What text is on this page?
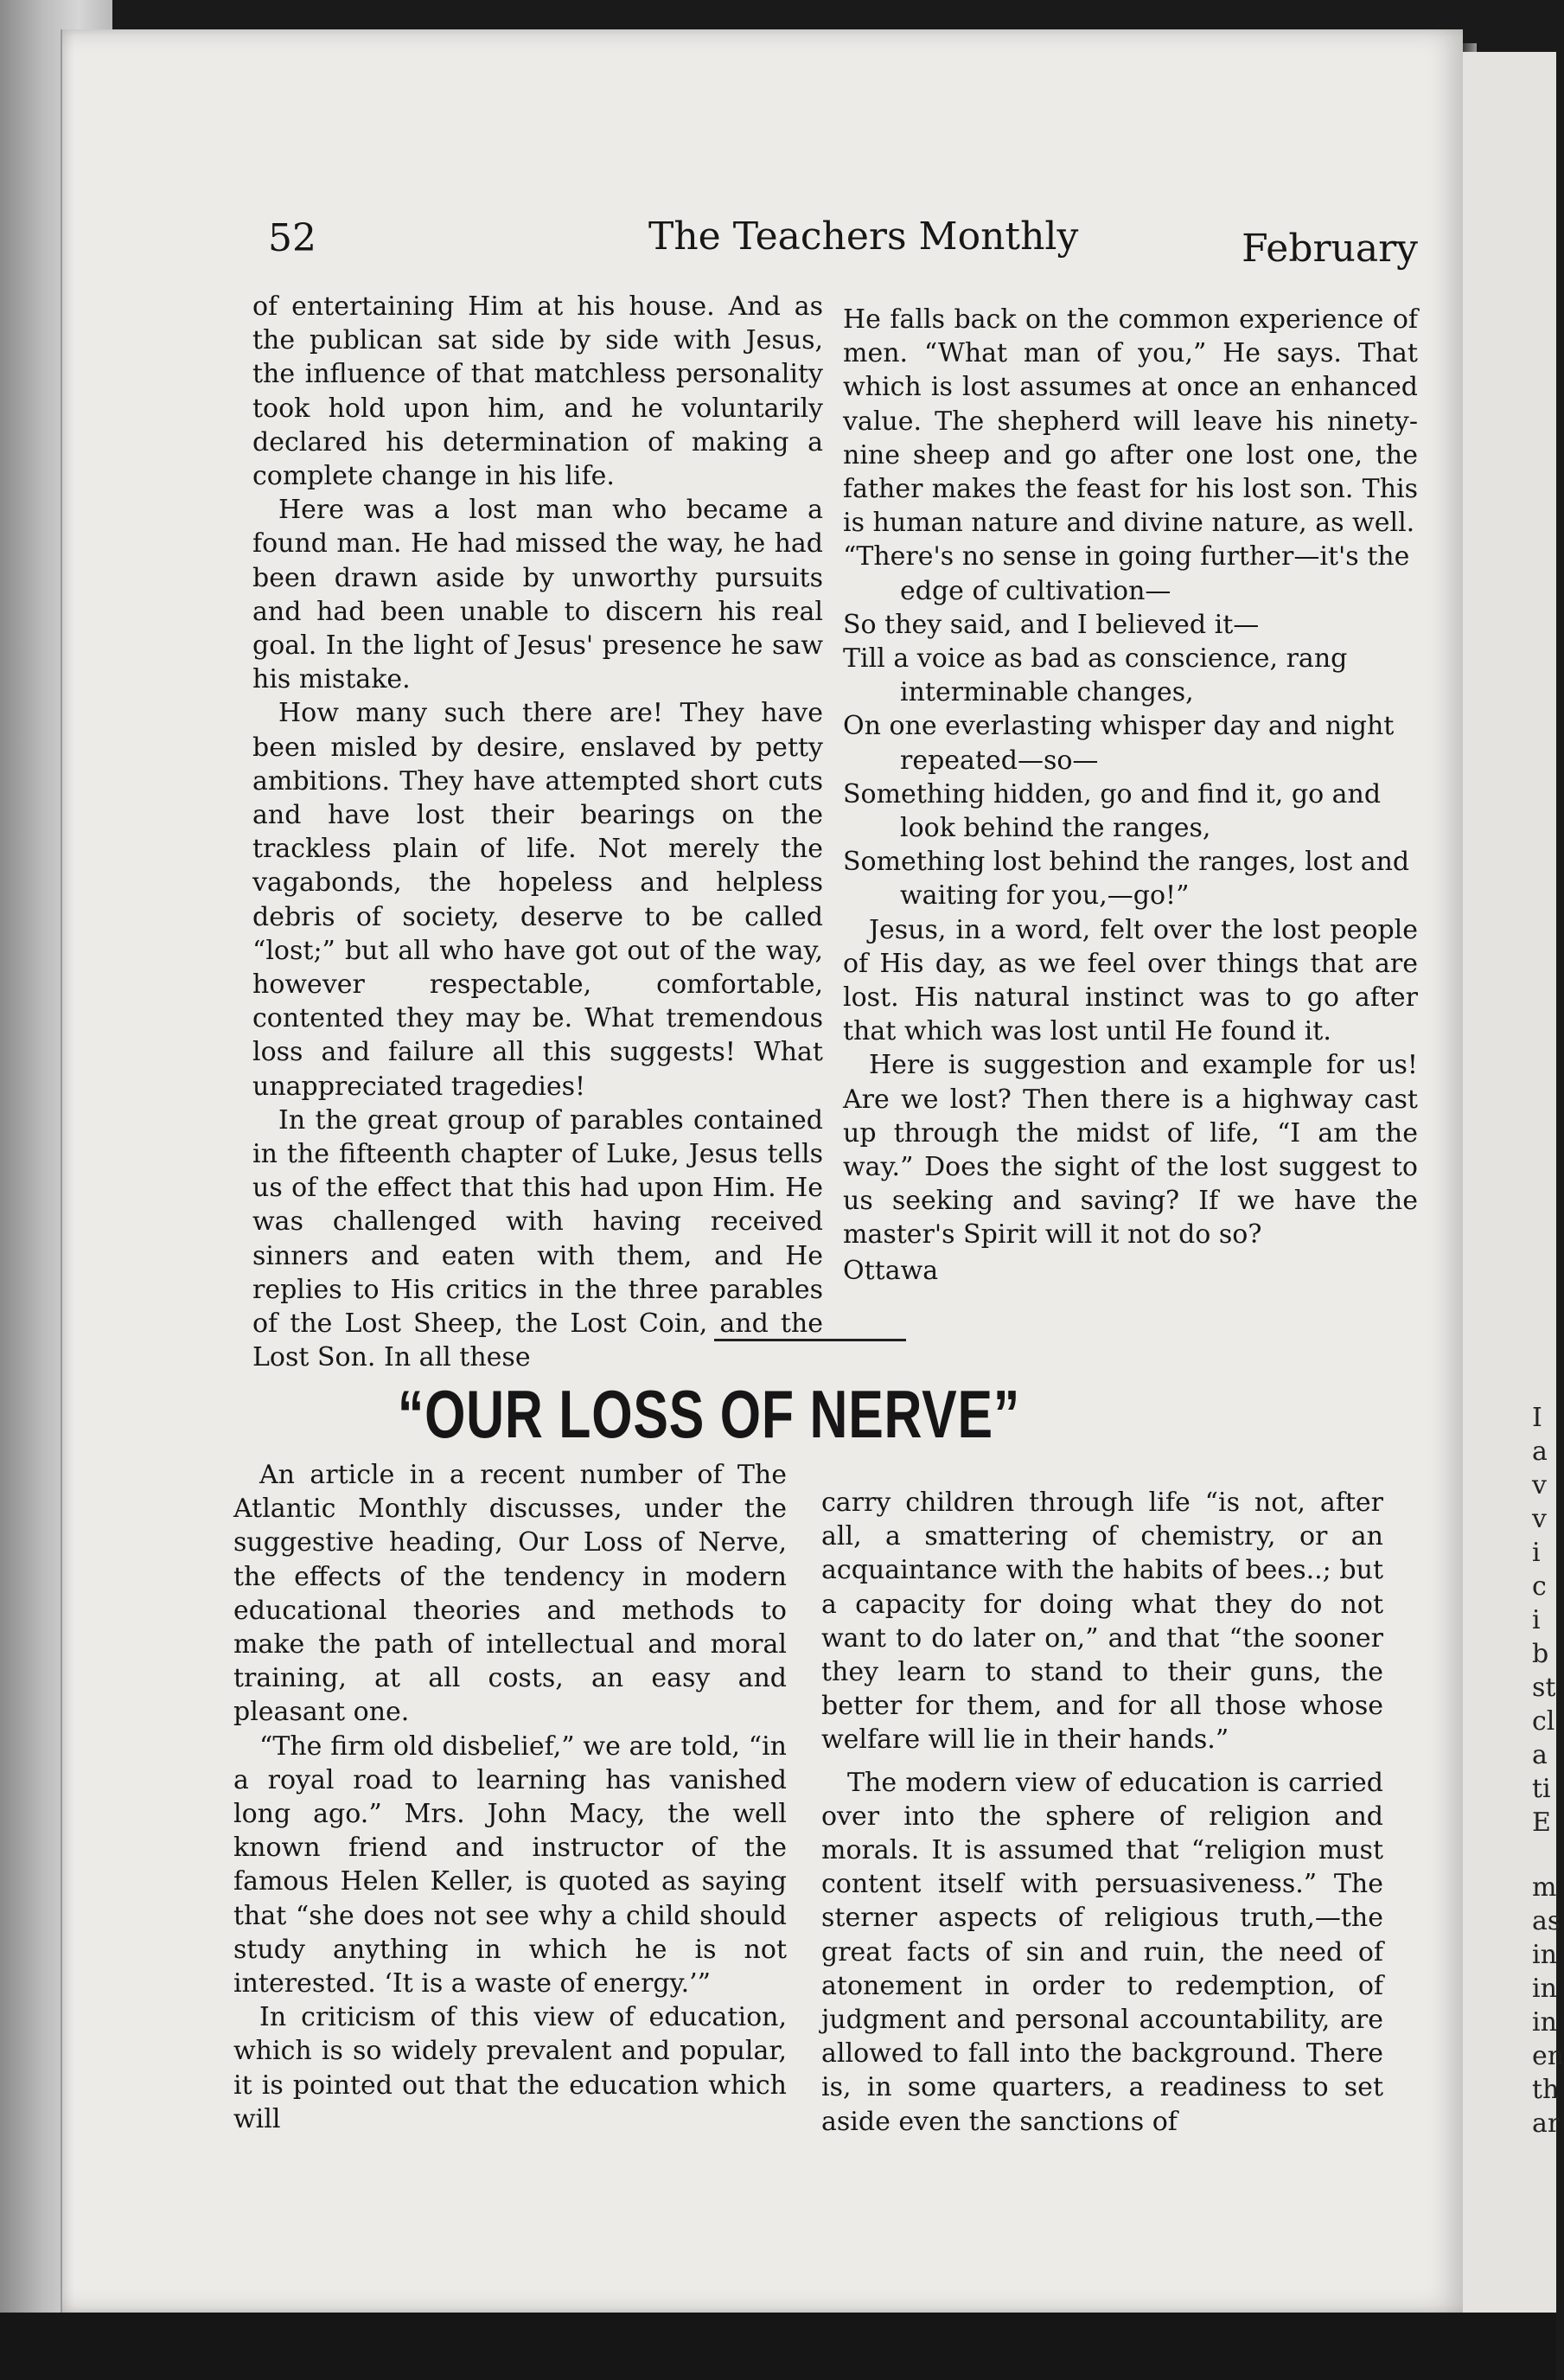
52	The Teachers Monthly	February

of entertaining Him at his house. And as the publican sat side by side with Jesus, the influence of that matchless personality took hold upon him, and he voluntarily declared his determination of making a complete change in his life.

Here was a lost man who became a found man. He had missed the way, he had been drawn aside by unworthy pursuits and had been unable to discern his real goal. In the light of Jesus' presence he saw his mistake.

How many such there are! They have been misled by desire, enslaved by petty ambitions. They have attempted short cuts and have lost their bearings on the trackless plain of life. Not merely the vagabonds, the hopeless and helpless debris of society, deserve to be called “lost;” but all who have got out of the way, however respectable, comfortable, contented they may be. What tremendous loss and failure all this suggests! What unappreciated tragedies!

In the great group of parables contained in the fifteenth chapter of Luke, Jesus tells us of the effect that this had upon Him. He was challenged with having received sinners and eaten with them, and He replies to His critics in the three parables of the Lost Sheep, the Lost Coin, and the Lost Son. In all these

He falls back on the common experience of men. “What man of you,” He says. That which is lost assumes at once an enhanced value. The shepherd will leave his ninety-nine sheep and go after one lost one, the father makes the feast for his lost son. This is human nature and divine nature, as well.

“There's no sense in going further—it's the edge of cultivation—

So they said, and I believed it—

Till a voice as bad as conscience, rang interminable changes,

On one everlasting whisper day and night repeated—so—

Something hidden, go and find it, go and look behind the ranges,

Something lost behind the ranges, lost and waiting for you,—go!”

Jesus, in a word, felt over the lost people of His day, as we feel over things that are lost. His natural instinct was to go after that which was lost until He found it.

Here is suggestion and example for us! Are we lost? Then there is a highway cast up through the midst of life, “I am the way.” Does the sight of the lost suggest to us seeking and saving? If we have the master's Spirit will it not do so?

Ottawa

“OUR LOSS OF NERVE”

An article in a recent number of The Atlantic Monthly discusses, under the suggestive heading, Our Loss of Nerve, the effects of the tendency in modern educational theories and methods to make the path of intellectual and moral training, at all costs, an easy and pleasant one.

“The firm old disbelief,” we are told, “in a royal road to learning has vanished long ago.” Mrs. John Macy, the well known friend and instructor of the famous Helen Keller, is quoted as saying that “she does not see why a child should study anything in which he is not interested. ‘It is a waste of energy.’”

In criticism of this view of education, which is so widely prevalent and popular, it is pointed out that the education which will

carry children through life “is not, after all, a smattering of chemistry, or an acquaintance with the habits of bees..; but a capacity for doing what they do not want to do later on,” and that “the sooner they learn to stand to their guns, the better for them, and for all those whose welfare will lie in their hands.”

The modern view of education is carried over into the sphere of religion and morals. It is assumed that “religion must content itself with persuasiveness.” The sterner aspects of religious truth,—the great facts of sin and ruin, the need of atonement in order to redemption, of judgment and personal accountability, are allowed to fall into the background. There is, in some quarters, a readiness to set aside even the sanctions of

I
a
v
v
i
c
i
b
st
cl
a
ti
E
m
as
in
in
in
en
th
ar
